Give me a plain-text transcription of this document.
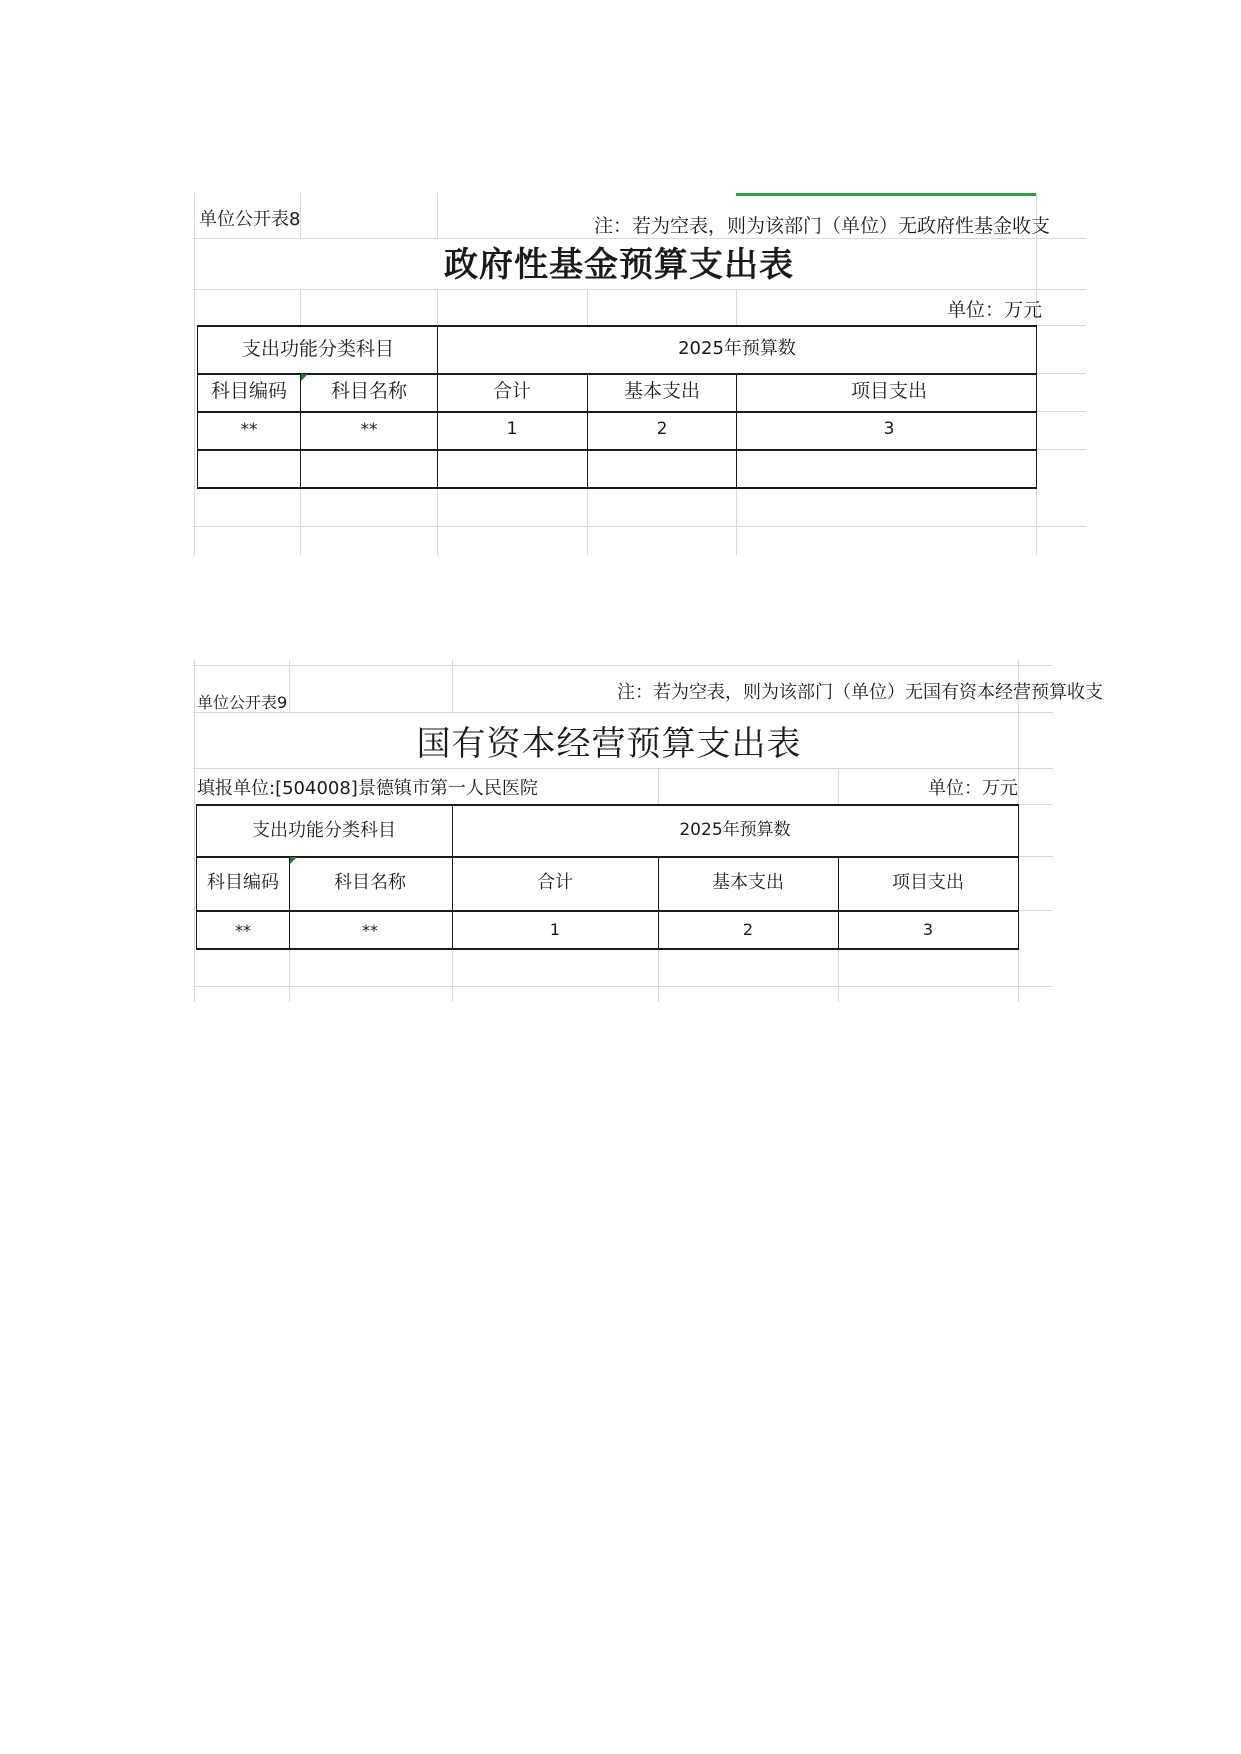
单位公开表8	注：若为空表，则为该部门（单位）无政府性基金收支
政府性基金预算支出表
单位：万元
支出功能分类科目	2025年预算数
科目编码 科目名称	合计	基本支出	项目支出
**	**	1	2	3
单位公开表9	注：若为空表，则为该部门（单位）无国有资本经营预算收支
国有资本经营预算支出表
填报单位:[504008]景德镇市第一人民医院	单位：万元
支出功能分类科目	2025年预算数
科目编码	科目名称	合计	基本支出	项目支出
**	**	1	2	3
